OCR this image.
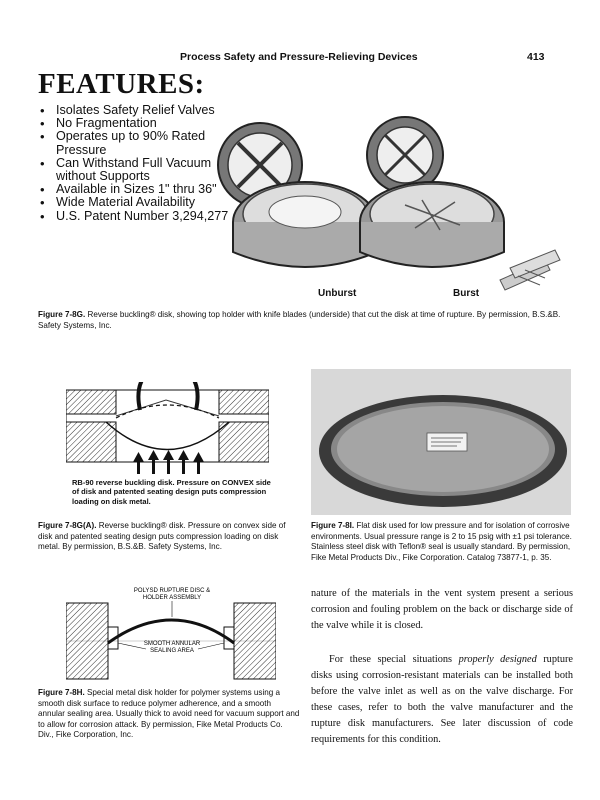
Process Safety and Pressure-Relieving Devices	413
FEATURES:
• Isolates Safety Relief Valves
• No Fragmentation
• Operates up to 90% Rated Pressure
• Can Withstand Full Vacuum without Supports
• Available in Sizes 1" thru 36"
• Wide Material Availability
• U.S. Patent Number 3,294,277
Unburst	Burst
Figure 7-8G. Reverse buckling® disk, showing top holder with knife blades (underside) that cut the disk at time of rupture. By permission, B.S.&B. Safety Systems, Inc.
RB-90 reverse buckling disk. Pressure on CONVEX side of disk and patented seating design puts compression loading on disk metal.
Figure 7-8G(A). Reverse buckling® disk. Pressure on convex side of disk and patented seating design puts compression loading on disk metal. By permission, B.S.&B. Safety Systems, Inc.
Figure 7-8I. Flat disk used for low pressure and for isolation of corrosive environments. Usual pressure range is 2 to 15 psig with ±1 psi tolerance. Stainless steel disk with Teflon® seal is usually standard. By permission, Fike Metal Products Div., Fike Corporation. Catalog 73877-1, p. 35.
POLYSD RUPTURE DISC &
HOLDER ASSEMBLY
SMOOTH ANNULAR
SEALING AREA
Figure 7-8H. Special metal disk holder for polymer systems using a smooth disk surface to reduce polymer adherence, and a smooth annular sealing area. Usually thick to avoid need for vacuum support and to allow for corrosion attack. By permission, Fike Metal Products Co. Div., Fike Corporation, Inc.
nature of the materials in the vent system present a serious corrosion and fouling problem on the back or discharge side of the valve while it is closed.
For these special situations properly designed rupture disks using corrosion-resistant materials can be installed both before the valve inlet as well as on the valve discharge. For these cases, refer to both the valve manufacturer and the rupture disk manufacturers. See later discussion of code requirements for this condition.
